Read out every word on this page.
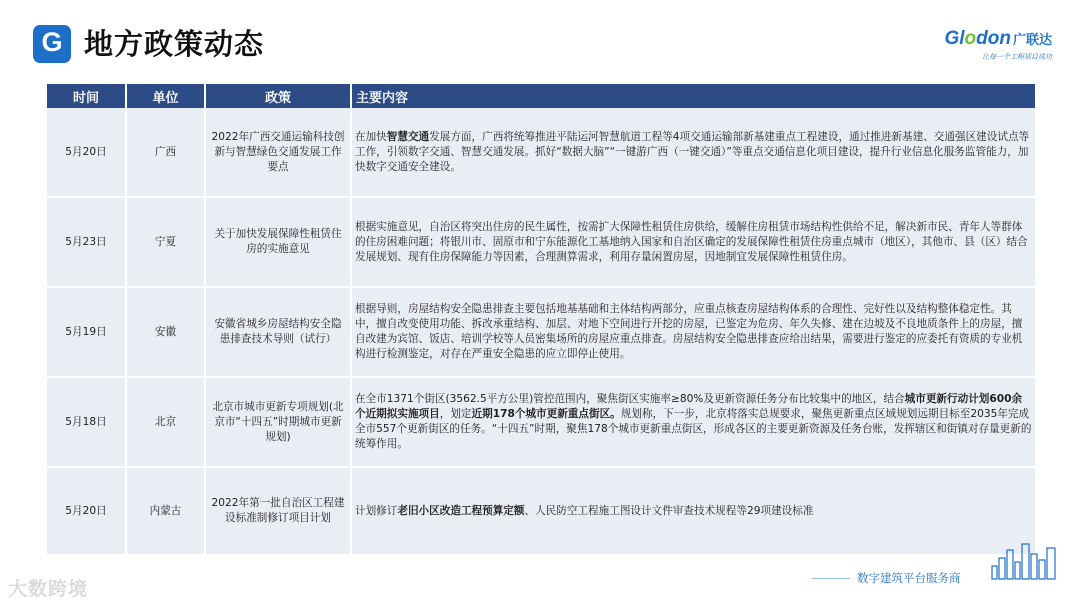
G 地方政策动态	Glodon 广联达
让每一个工程项目成功
时间	单位	政策	主要内容
5月20日	广西	2022年广西交通运输科技创新与智慧绿色交通发展工作要点	在加快智慧交通发展方面，广西将统筹推进平陆运河智慧航道工程等4项交通运输部新基建重点工程建设，通过推进新基建、交通强区建设试点等工作，引领数字交通、智慧交通发展。抓好“数据大脑”“一键游广西（一键交通）”等重点交通信息化项目建设，提升行业信息化服务监管能力，加快数字交通安全建设。
5月23日	宁夏	关于加快发展保障性租赁住房的实施意见	根据实施意见，自治区将突出住房的民生属性，按需扩大保障性租赁住房供给，缓解住房租赁市场结构性供给不足，解决新市民、青年人等群体的住房困难问题；将银川市、固原市和宁东能源化工基地纳入国家和自治区确定的发展保障性租赁住房重点城市（地区），其他市、县（区）结合发展规划、现有住房保障能力等因素，合理测算需求，利用存量闲置房屋，因地制宜发展保障性租赁住房。
5月19日	安徽	安徽省城乡房屋结构安全隐患排查技术导则（试行）	根据导则，房屋结构安全隐患排查主要包括地基基础和主体结构两部分，应重点核查房屋结构体系的合理性、完好性以及结构整体稳定性。其中，擅自改变使用功能、拆改承重结构、加层、对地下空间进行开挖的房屋，已鉴定为危房、年久失修、建在边坡及不良地质条件上的房屋，擅自改建为宾馆、饭店、培训学校等人员密集场所的房屋应重点排查。房屋结构安全隐患排查应给出结果，需要进行鉴定的应委托有资质的专业机构进行检测鉴定，对存在严重安全隐患的应立即停止使用。
5月18日	北京	北京市城市更新专项规划(北京市“十四五”时期城市更新规划)	在全市1371个街区(3562.5平方公里)管控范围内，聚焦街区实施率≥80%及更新资源任务分布比较集中的地区，结合城市更新行动计划600余个近期拟实施项目，划定近期178个城市更新重点街区。规划称，下一步，北京将落实总规要求，聚焦更新重点区域规划远期目标至2035年完成全市557个更新街区的任务。“十四五”时期，聚焦178个城市更新重点街区，形成各区的主要更新资源及任务台账，发挥辖区和街镇对存量更新的统筹作用。
5月20日	内蒙古	2022年第一批自治区工程建设标准制修订项目计划	计划修订老旧小区改造工程预算定额、人民防空工程施工图设计文件审查技术规程等29项建设标准
数字建筑平台服务商
大数跨境
